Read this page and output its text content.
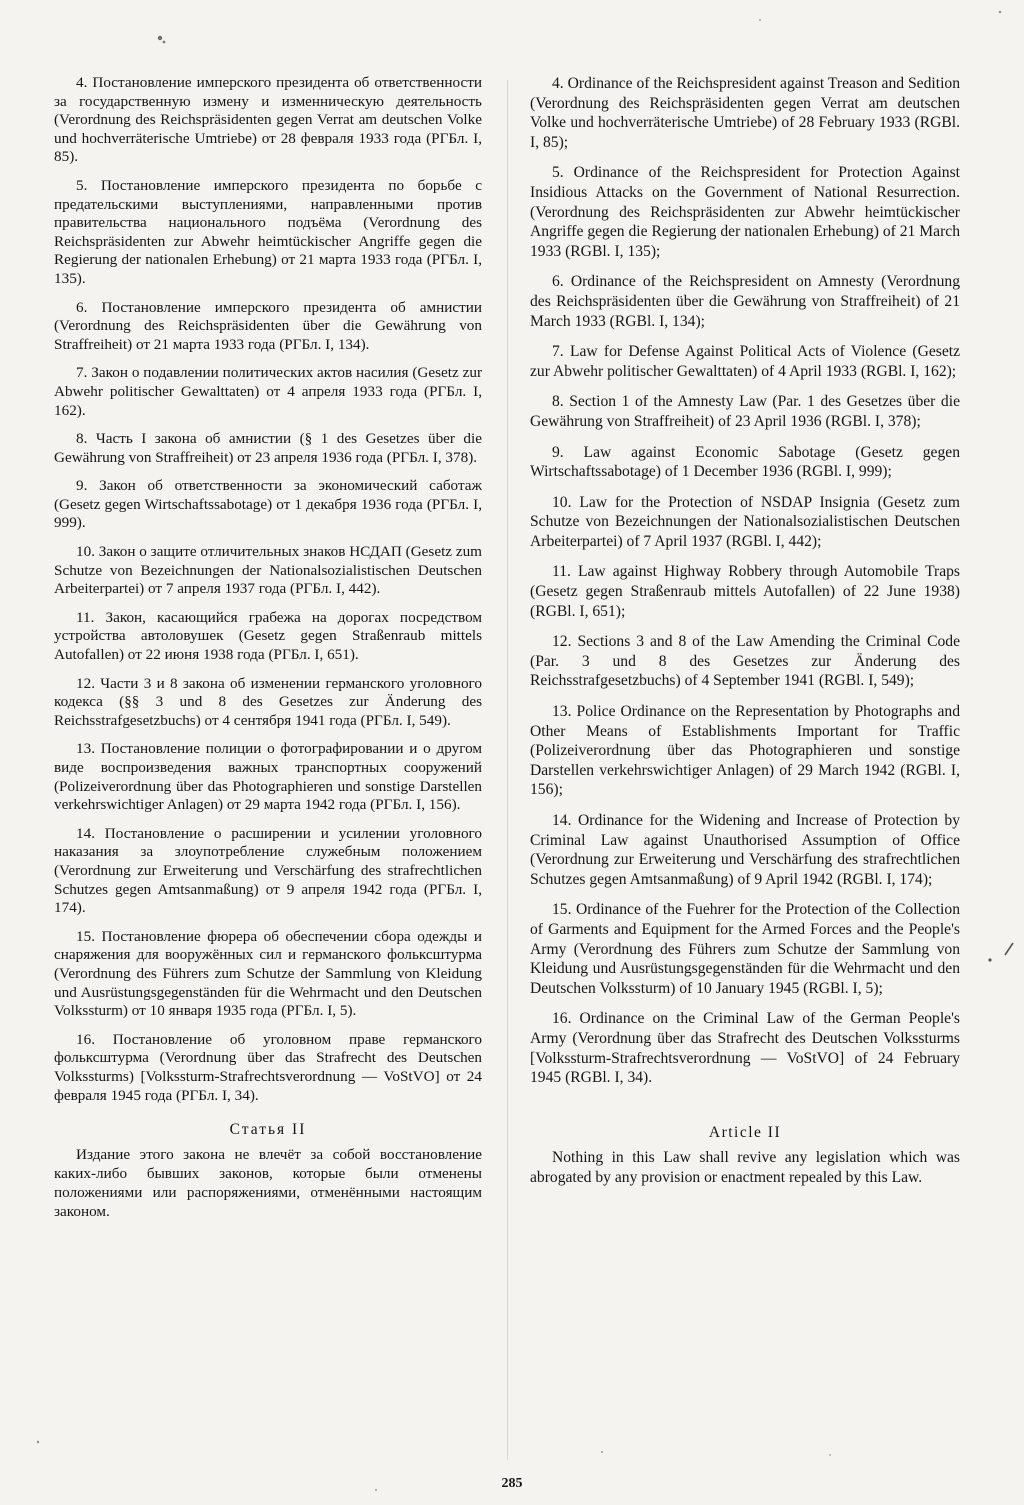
4. Постановление имперского президента об ответственности за государственную измену и изменническую деятельность (Verordnung des Reichspräsidenten gegen Verrat am deutschen Volke und hochverräterische Umtriebe) от 28 февраля 1933 года (РГБл. I, 85).

5. Постановление имперского президента по борьбе с предательскими выступлениями, направленными против правительства национального подъёма (Verordnung des Reichspräsidenten zur Abwehr heimtückischer Angriffe gegen die Regierung der nationalen Erhebung) от 21 марта 1933 года (РГБл. I, 135).

6. Постановление имперского президента об амнистии (Verordnung des Reichspräsidenten über die Gewährung von Straffreiheit) от 21 марта 1933 года (РГБл. I, 134).

7. Закон о подавлении политических актов насилия (Gesetz zur Abwehr politischer Gewalttaten) от 4 апреля 1933 года (РГБл. I, 162).

8. Часть I закона об амнистии (§ 1 des Gesetzes über die Gewährung von Straffreiheit) от 23 апреля 1936 года (РГБл. I, 378).

9. Закон об ответственности за экономический саботаж (Gesetz gegen Wirtschaftssabotage) от 1 декабря 1936 года (РГБл. I, 999).

10. Закон о защите отличительных знаков НСДАП (Gesetz zum Schutze von Bezeichnungen der Nationalsozialistischen Deutschen Arbeiterpartei) от 7 апреля 1937 года (РГБл. I, 442).

11. Закон, касающийся грабежа на дорогах посредством устройства автоловушек (Gesetz gegen Straßenraub mittels Autofallen) от 22 июня 1938 года (РГБл. I, 651).

12. Части 3 и 8 закона об изменении германского уголовного кодекса (§§ 3 und 8 des Gesetzes zur Änderung des Reichsstrafgesetzbuchs) от 4 сентября 1941 года (РГБл. I, 549).

13. Постановление полиции о фотографировании и о другом виде воспроизведения важных транспортных сооружений (Polizeiverordnung über das Photographieren und sonstige Darstellen verkehrswichtiger Anlagen) от 29 марта 1942 года (РГБл. I, 156).

14. Постановление о расширении и усилении уголовного наказания за злоупотребление служебным положением (Verordnung zur Erweiterung und Verschärfung des strafrechtlichen Schutzes gegen Amtsanmaßung) от 9 апреля 1942 года (РГБл. I, 174).

15. Постановление фюрера об обеспечении сбора одежды и снаряжения для вооружённых сил и германского фольксштурма (Verordnung des Führers zum Schutze der Sammlung von Kleidung und Ausrüstungsgegenständen für die Wehrmacht und den Deutschen Volkssturm) от 10 января 1935 года (РГБл. I, 5).

16. Постановление об уголовном праве германского фольксштурма (Verordnung über das Strafrecht des Deutschen Volkssturms) [Volkssturm-Strafrechtsverordnung — VoStVO] от 24 февраля 1945 года (РГБл. I, 34).

Статья II

Издание этого закона не влечёт за собой восстановление каких-либо бывших законов, которые были отменены положениями или распоряжениями, отменёнными настоящим законом.

4. Ordinance of the Reichspresident against Treason and Sedition (Verordnung des Reichspräsidenten gegen Verrat am deutschen Volke und hochverräterische Umtriebe) of 28 February 1933 (RGBl. I, 85);

5. Ordinance of the Reichspresident for Protection Against Insidious Attacks on the Government of National Resurrection. (Verordnung des Reichspräsidenten zur Abwehr heimtückischer Angriffe gegen die Regierung der nationalen Erhebung) of 21 March 1933 (RGBl. I, 135);

6. Ordinance of the Reichspresident on Amnesty (Verordnung des Reichspräsidenten über die Gewährung von Straffreiheit) of 21 March 1933 (RGBl. I, 134);

7. Law for Defense Against Political Acts of Violence (Gesetz zur Abwehr politischer Gewalttaten) of 4 April 1933 (RGBl. I, 162);

8. Section 1 of the Amnesty Law (Par. 1 des Gesetzes über die Gewährung von Straffreiheit) of 23 April 1936 (RGBl. I, 378);

9. Law against Economic Sabotage (Gesetz gegen Wirtschaftssabotage) of 1 December 1936 (RGBl. I, 999);

10. Law for the Protection of NSDAP Insignia (Gesetz zum Schutze von Bezeichnungen der Nationalsozialistischen Deutschen Arbeiterpartei) of 7 April 1937 (RGBl. I, 442);

11. Law against Highway Robbery through Automobile Traps (Gesetz gegen Straßenraub mittels Autofallen) of 22 June 1938) (RGBl. I, 651);

12. Sections 3 and 8 of the Law Amending the Criminal Code (Par. 3 und 8 des Gesetzes zur Änderung des Reichsstrafgesetzbuchs) of 4 September 1941 (RGBl. I, 549);

13. Police Ordinance on the Representation by Photographs and Other Means of Establishments Important for Traffic (Polizeiverordnung über das Photographieren und sonstige Darstellen verkehrswichtiger Anlagen) of 29 March 1942 (RGBl. I, 156);

14. Ordinance for the Widening and Increase of Protection by Criminal Law against Unauthorised Assumption of Office (Verordnung zur Erweiterung und Verschärfung des strafrechtlichen Schutzes gegen Amtsanmaßung) of 9 April 1942 (RGBl. I, 174);

15. Ordinance of the Fuehrer for the Protection of the Collection of Garments and Equipment for the Armed Forces and the People's Army (Verordnung des Führers zum Schutze der Sammlung von Kleidung und Ausrüstungsgegenständen für die Wehrmacht und den Deutschen Volkssturm) of 10 January 1945 (RGBl. I, 5);

16. Ordinance on the Criminal Law of the German People's Army (Verordnung über das Strafrecht des Deutschen Volkssturms [Volkssturm-Strafrechtsverordnung — VoStVO] of 24 February 1945 (RGBl. I, 34).

Article II

Nothing in this Law shall revive any legislation which was abrogated by any provision or enactment repealed by this Law.

285
